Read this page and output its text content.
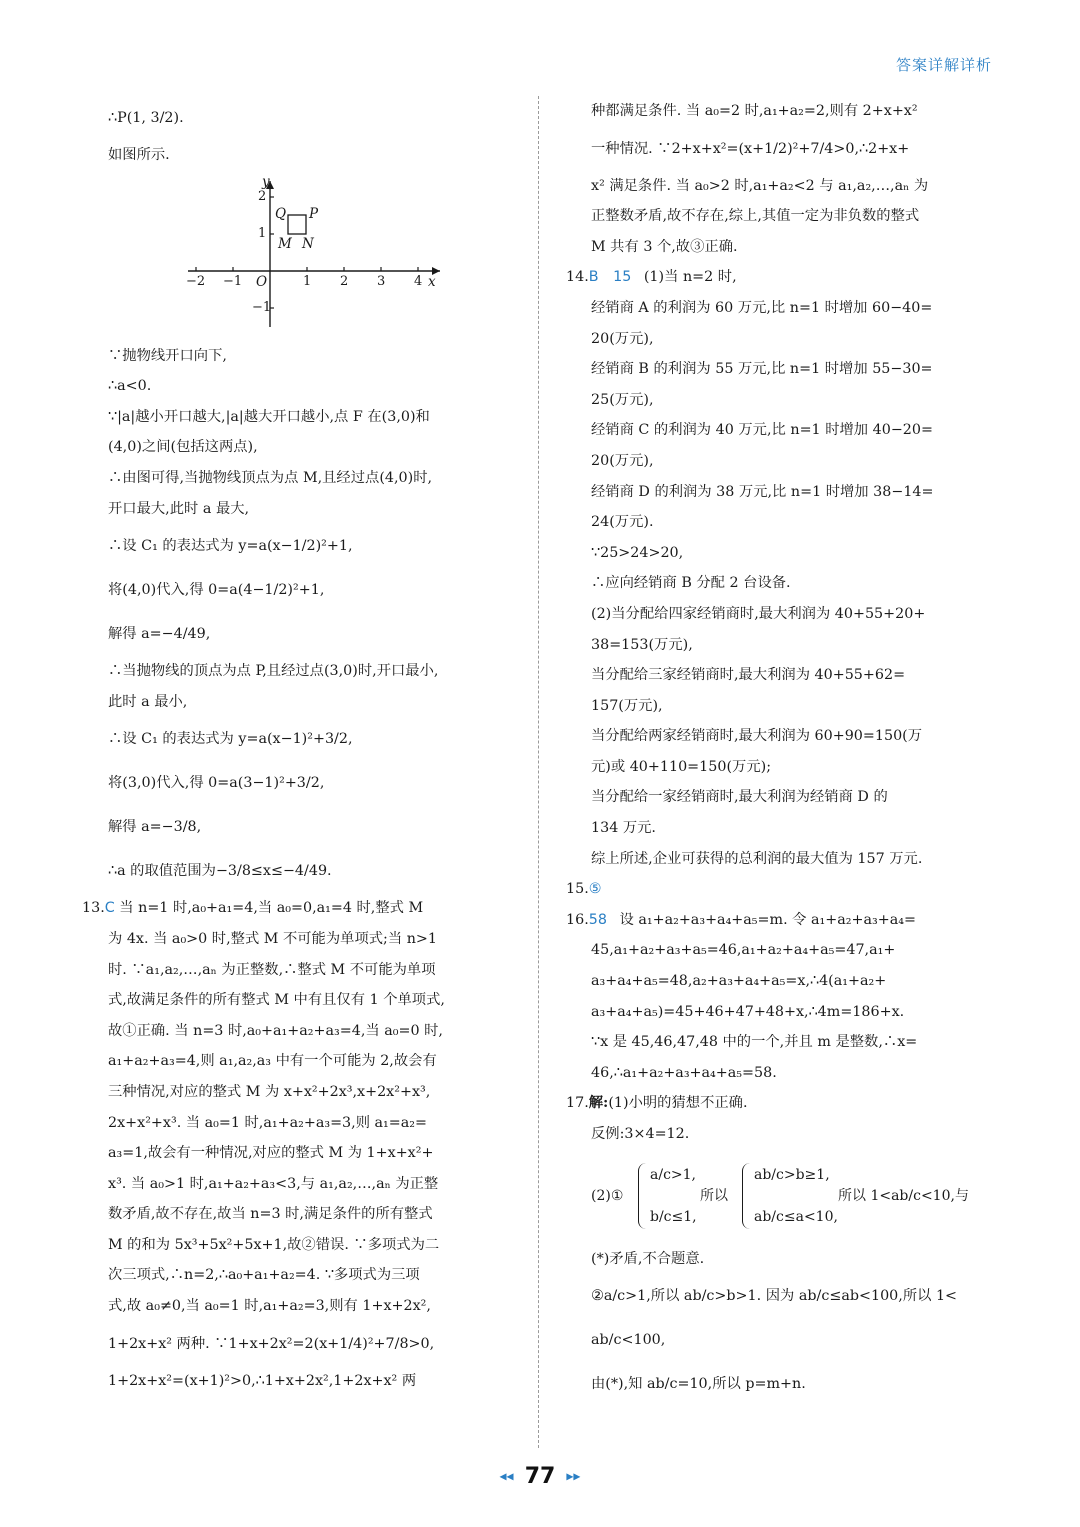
答案详解详析
∴P(1, 3/2).
如图所示.
y
x
O
−2 −1	1 2 3 4
2
1
−1
Q P
M N
∵抛物线开口向下,
∴a<0.
∵|a|越小开口越大,|a|越大开口越小,点 F 在(3,0)和
(4,0)之间(包括这两点),
∴由图可得,当抛物线顶点为点 M,且经过点(4,0)时,
开口最大,此时 a 最大,
∴设 C₁ 的表达式为 y=a(x−1/2)²+1,
将(4,0)代入,得 0=a(4−1/2)²+1,
解得 a=−4/49,
∴当抛物线的顶点为点 P,且经过点(3,0)时,开口最小,
此时 a 最小,
∴设 C₁ 的表达式为 y=a(x−1)²+3/2,
将(3,0)代入,得 0=a(3−1)²+3/2,
解得 a=−3/8,
∴a 的取值范围为−3/8≤x≤−4/49.
13.C 当 n=1 时,a₀+a₁=4,当 a₀=0,a₁=4 时,整式 M
为 4x. 当 a₀>0 时,整式 M 不可能为单项式;当 n>1
时. ∵a₁,a₂,…,aₙ 为正整数,∴整式 M 不可能为单项
式,故满足条件的所有整式 M 中有且仅有 1 个单项式,
故①正确. 当 n=3 时,a₀+a₁+a₂+a₃=4,当 a₀=0 时,
a₁+a₂+a₃=4,则 a₁,a₂,a₃ 中有一个可能为 2,故会有
三种情况,对应的整式 M 为 x+x²+2x³,x+2x²+x³,
2x+x²+x³. 当 a₀=1 时,a₁+a₂+a₃=3,则 a₁=a₂=
a₃=1,故会有一种情况,对应的整式 M 为 1+x+x²+
x³. 当 a₀>1 时,a₁+a₂+a₃<3,与 a₁,a₂,…,aₙ 为正整
数矛盾,故不存在,故当 n=3 时,满足条件的所有整式
M 的和为 5x³+5x²+5x+1,故②错误. ∵多项式为二
次三项式,∴n=2,∴a₀+a₁+a₂=4. ∵多项式为三项
式,故 a₀≠0,当 a₀=1 时,a₁+a₂=3,则有 1+x+2x²,
1+2x+x² 两种. ∵1+x+2x²=2(x+1/4)²+7/8>0,
1+2x+x²=(x+1)²>0,∴1+x+2x²,1+2x+x² 两
种都满足条件. 当 a₀=2 时,a₁+a₂=2,则有 2+x+x²
一种情况. ∵2+x+x²=(x+1/2)²+7/4>0,∴2+x+
x² 满足条件. 当 a₀>2 时,a₁+a₂<2 与 a₁,a₂,…,aₙ 为
正整数矛盾,故不存在,综上,其值一定为非负数的整式
M 共有 3 个,故③正确.
14.B 15 (1)当 n=2 时,
经销商 A 的利润为 60 万元,比 n=1 时增加 60−40=
20(万元),
经销商 B 的利润为 55 万元,比 n=1 时增加 55−30=
25(万元),
经销商 C 的利润为 40 万元,比 n=1 时增加 40−20=
20(万元),
经销商 D 的利润为 38 万元,比 n=1 时增加 38−14=
24(万元).
∵25>24>20,
∴应向经销商 B 分配 2 台设备.
(2)当分配给四家经销商时,最大利润为 40+55+20+
38=153(万元),
当分配给三家经销商时,最大利润为 40+55+62=
157(万元),
当分配给两家经销商时,最大利润为 60+90=150(万
元)或 40+110=150(万元);
当分配给一家经销商时,最大利润为经销商 D 的
134 万元.
综上所述,企业可获得的总利润的最大值为 157 万元.
15.⑤
16.58 设 a₁+a₂+a₃+a₄+a₅=m. 令 a₁+a₂+a₃+a₄=
45,a₁+a₂+a₃+a₅=46,a₁+a₂+a₄+a₅=47,a₁+
a₃+a₄+a₅=48,a₂+a₃+a₄+a₅=x,∴4(a₁+a₂+
a₃+a₄+a₅)=45+46+47+48+x,∴4m=186+x.
∵x 是 45,46,47,48 中的一个,并且 m 是整数,∴x=
46,∴a₁+a₂+a₃+a₄+a₅=58.
17.解:(1)小明的猜想不正确.
反例:3×4=12.
(2)①
a/c>1,
b/c≤1,
所以
ab/c>b≥1,
ab/c≤a<10,
所以 1<ab/c<10,与
(*)矛盾,不合题意.
②a/c>1,所以 ab/c>b>1. 因为 ab/c≤ab<100,所以 1<
ab/c<100,
由(*),知 ab/c=10,所以 p=m+n.
◂◂ 77 ▸▸
